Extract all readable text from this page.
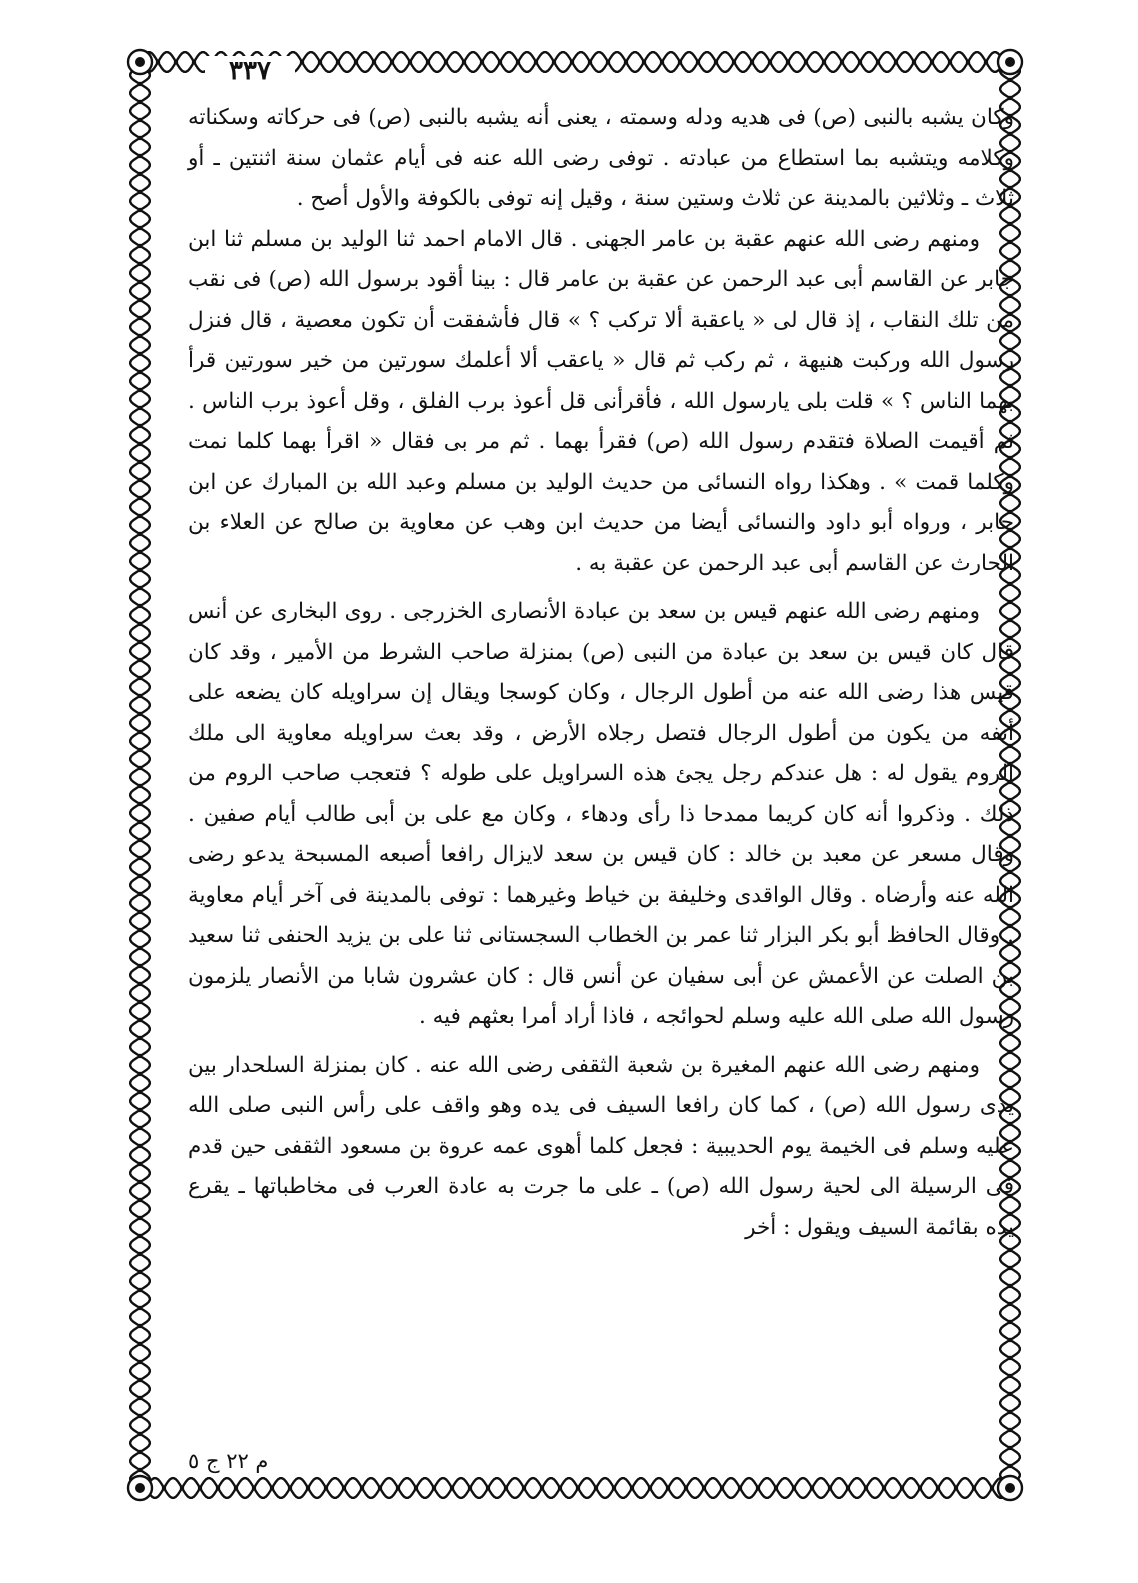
٣٣٧

وكان يشبه بالنبى (ص) فى هديه ودله وسمته ، يعنى أنه يشبه بالنبى (ص) فى حركاته وسكناته وكلامه ويتشبه بما استطاع من عبادته . توفى رضى الله عنه فى أيام عثمان سنة اثنتين ـ أو ثلاث ـ وثلاثين بالمدينة عن ثلاث وستين سنة ، وقيل إنه توفى بالكوفة والأول أصح .

ومنهم رضى الله عنهم عقبة بن عامر الجهنى . قال الامام احمد ثنا الوليد بن مسلم ثنا ابن جابر عن القاسم أبى عبد الرحمن عن عقبة بن عامر قال : بينا أقود برسول الله (ص) فى نقب من تلك النقاب ، إذ قال لى « ياعقبة ألا تركب ؟ » قال فأشفقت أن تكون معصية ، قال فنزل رسول الله وركبت هنيهة ، ثم ركب ثم قال « ياعقب ألا أعلمك سورتين من خير سورتين قرأ بهما الناس ؟ » قلت بلى يارسول الله ، فأقرأنى قل أعوذ برب الفلق ، وقل أعوذ برب الناس . ثم أقيمت الصلاة فتقدم رسول الله (ص) فقرأ بهما . ثم مر بى فقال « اقرأ بهما كلما نمت وكلما قمت » . وهكذا رواه النسائى من حديث الوليد بن مسلم وعبد الله بن المبارك عن ابن جابر ، ورواه أبو داود والنسائى أيضا من حديث ابن وهب عن معاوية بن صالح عن العلاء بن الحارث عن القاسم أبى عبد الرحمن عن عقبة به .

ومنهم رضى الله عنهم قيس بن سعد بن عبادة الأنصارى الخزرجى . روى البخارى عن أنس قال كان قيس بن سعد بن عبادة من النبى (ص) بمنزلة صاحب الشرط من الأمير ، وقد كان قيس هذا رضى الله عنه من أطول الرجال ، وكان كوسجا ويقال إن سراويله كان يضعه على أنفه من يكون من أطول الرجال فتصل رجلاه الأرض ، وقد بعث سراويله معاوية الى ملك الروم يقول له : هل عندكم رجل يجئ هذه السراويل على طوله ؟ فتعجب صاحب الروم من ذلك . وذكروا أنه كان كريما ممدحا ذا رأى ودهاء ، وكان مع على بن أبى طالب أيام صفين . وقال مسعر عن معبد بن خالد : كان قيس بن سعد لايزال رافعا أصبعه المسبحة يدعو رضى الله عنه وأرضاه . وقال الواقدى وخليفة بن خياط وغيرهما : توفى بالمدينة فى آخر أيام معاوية . وقال الحافظ أبو بكر البزار ثنا عمر بن الخطاب السجستانى ثنا على بن يزيد الحنفى ثنا سعيد بن الصلت عن الأعمش عن أبى سفيان عن أنس قال : كان عشرون شابا من الأنصار يلزمون رسول الله صلى الله عليه وسلم لحوائجه ، فاذا أراد أمرا بعثهم فيه .

ومنهم رضى الله عنهم المغيرة بن شعبة الثقفى رضى الله عنه . كان بمنزلة السلحدار بين يدى رسول الله (ص) ، كما كان رافعا السيف فى يده وهو واقف على رأس النبى صلى الله عليه وسلم فى الخيمة يوم الحديبية : فجعل كلما أهوى عمه عروة بن مسعود الثقفى حين قدم فى الرسيلة الى لحية رسول الله (ص) ـ على ما جرت به عادة العرب فى مخاطباتها ـ يقرع يده بقائمة السيف ويقول : أخر

م ٢٢ ج ٥
